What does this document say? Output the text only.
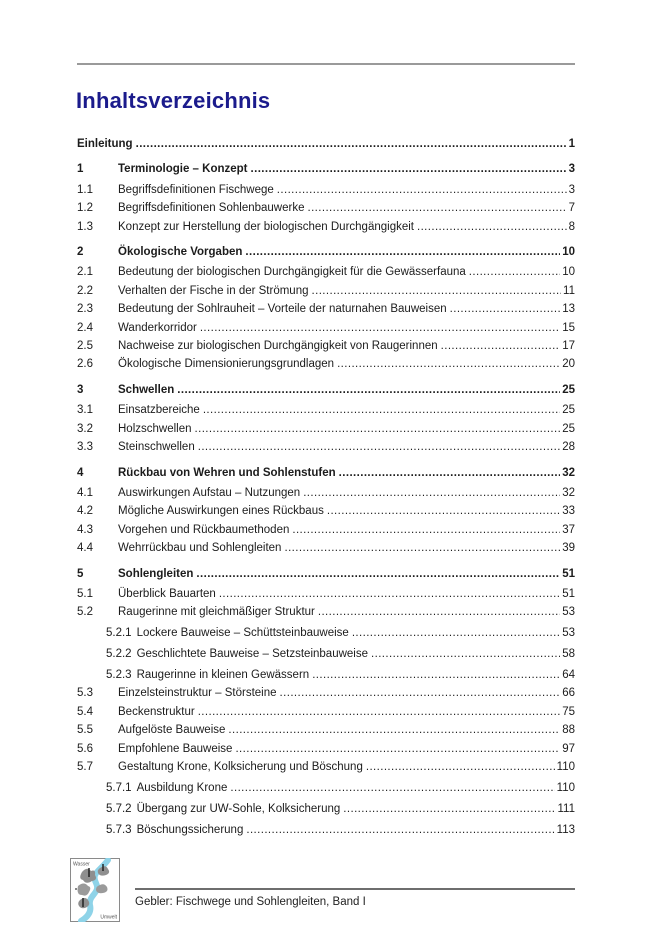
Inhaltsverzeichnis
Einleitung .....	1
1	Terminologie – Konzept .....	3
1.1	Begriffsdefinitionen Fischwege .....	3
1.2	Begriffsdefinitionen Sohlenbauwerke .....	7
1.3	Konzept zur Herstellung der biologischen Durchgängigkeit .....	8
2	Ökologische Vorgaben .....	10
2.1	Bedeutung der biologischen Durchgängigkeit für die Gewässerfauna .....	10
2.2	Verhalten der Fische in der Strömung .....	11
2.3	Bedeutung der Sohlrauheit – Vorteile der naturnahen Bauweisen .....	13
2.4	Wanderkorridor .....	15
2.5	Nachweise zur biologischen Durchgängigkeit von Raugerinnen .....	17
2.6	Ökologische Dimensionierungsgrundlagen .....	20
3	Schwellen .....	25
3.1	Einsatzbereiche .....	25
3.2	Holzschwellen .....	25
3.3	Steinschwellen .....	28
4	Rückbau von Wehren und Sohlenstufen .....	32
4.1	Auswirkungen Aufstau – Nutzungen .....	32
4.2	Mögliche Auswirkungen eines Rückbaus .....	33
4.3	Vorgehen und Rückbaumethoden .....	37
4.4	Wehrrückbau und Sohlengleiten .....	39
5	Sohlengleiten .....	51
5.1	Überblick Bauarten .....	51
5.2	Raugerinne mit gleichmäßiger Struktur .....	53
5.2.1 Lockere Bauweise – Schüttsteinbauweise .....	53
5.2.2 Geschlichtete Bauweise – Setzsteinbauweise .....	58
5.2.3 Raugerinne in kleinen Gewässern .....	64
5.3	Einzelsteinstruktur – Störsteine .....	66
5.4	Beckenstruktur .....	75
5.5	Aufgelöste Bauweise .....	88
5.6	Empfohlene Bauweise .....	97
5.7	Gestaltung Krone, Kolksicherung und Böschung .....	110
5.7.1 Ausbildung Krone .....	110
5.7.2 Übergang zur UW-Sohle, Kolksicherung .....	111
5.7.3 Böschungssicherung .....	113
Wasser
Umwelt
Gebler: Fischwege und Sohlengleiten, Band I
